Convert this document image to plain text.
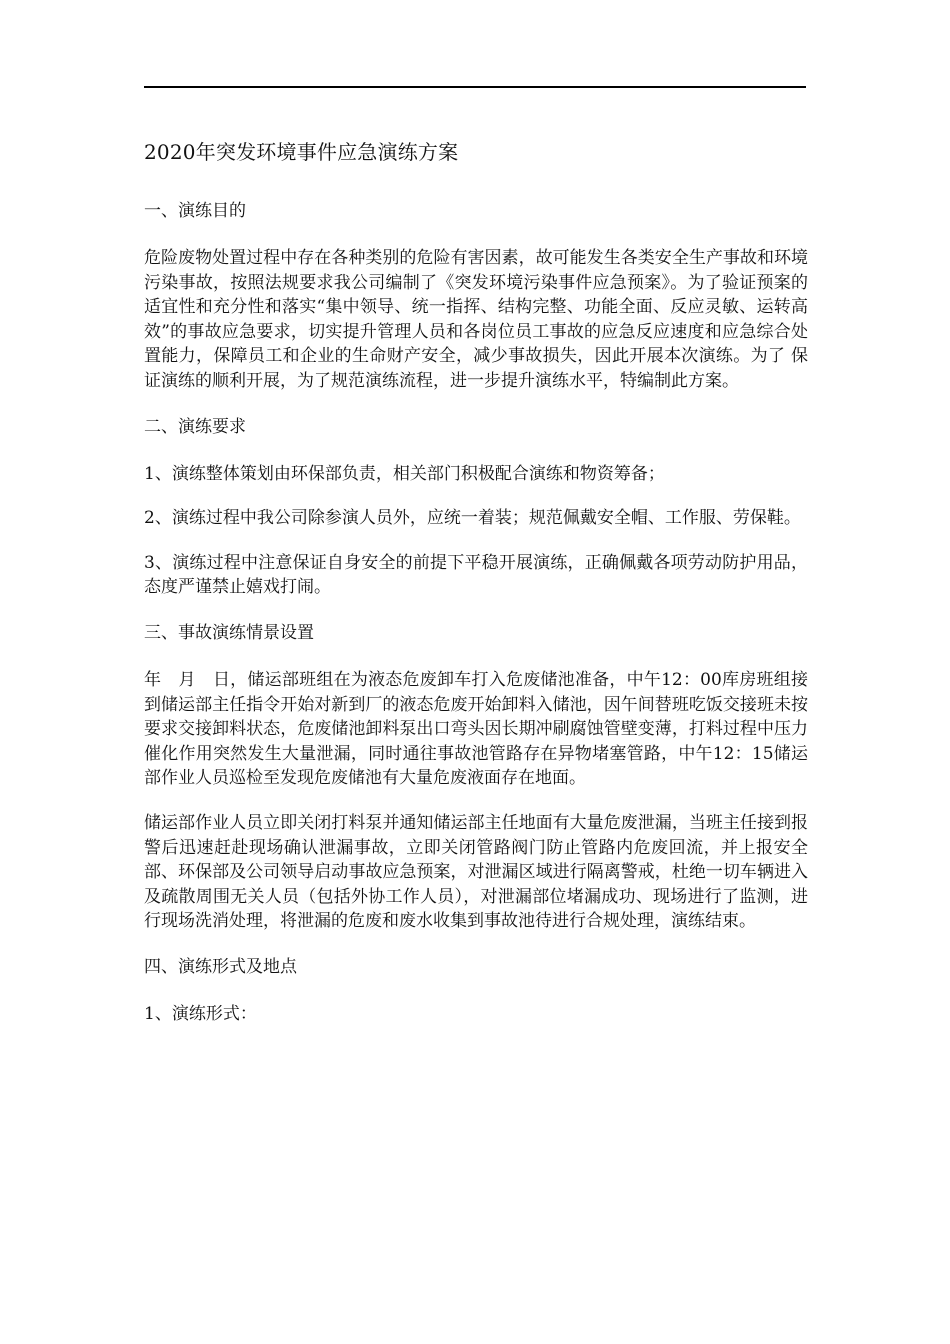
2020年突发环境事件应急演练方案
一、演练目的

危险废物处置过程中存在各种类别的危险有害因素，故可能发生各类安全生产事故和环境污染事故，按照法规要求我公司编制了《突发环境污染事件应急预案》。为了验证预案的适宜性和充分性和落实“集中领导、统一指挥、结构完整、功能全面、反应灵敏、运转高效”的事故应急要求，切实提升管理人员和各岗位员工事故的应急反应速度和应急综合处置能力，保障员工和企业的生命财产安全，减少事故损失，因此开展本次演练。为了 保证演练的顺利开展，为了规范演练流程，进一步提升演练水平，特编制此方案。

二、演练要求

1、演练整体策划由环保部负责，相关部门积极配合演练和物资筹备；

2、演练过程中我公司除参演人员外，应统一着装；规范佩戴安全帽、工作服、劳保鞋。

3、演练过程中注意保证自身安全的前提下平稳开展演练，正确佩戴各项劳动防护用品，态度严谨禁止嬉戏打闹。

三、事故演练情景设置

年　月　日，储运部班组在为液态危废卸车打入危废储池准备，中午12：00库房班组接到储运部主任指令开始对新到厂的液态危废开始卸料入储池，因午间替班吃饭交接班未按要求交接卸料状态，危废储池卸料泵出口弯头因长期冲刷腐蚀管壁变薄，打料过程中压力催化作用突然发生大量泄漏，同时通往事故池管路存在异物堵塞管路，中午12：15储运部作业人员巡检至发现危废储池有大量危废液面存在地面。

储运部作业人员立即关闭打料泵并通知储运部主任地面有大量危废泄漏，当班主任接到报警后迅速赶赴现场确认泄漏事故，立即关闭管路阀门防止管路内危废回流，并上报安全部、环保部及公司领导启动事故应急预案，对泄漏区域进行隔离警戒，杜绝一切车辆进入及疏散周围无关人员（包括外协工作人员），对泄漏部位堵漏成功、现场进行了监测，进行现场洗消处理，将泄漏的危废和废水收集到事故池待进行合规处理，演练结束。

四、演练形式及地点

1、演练形式：
